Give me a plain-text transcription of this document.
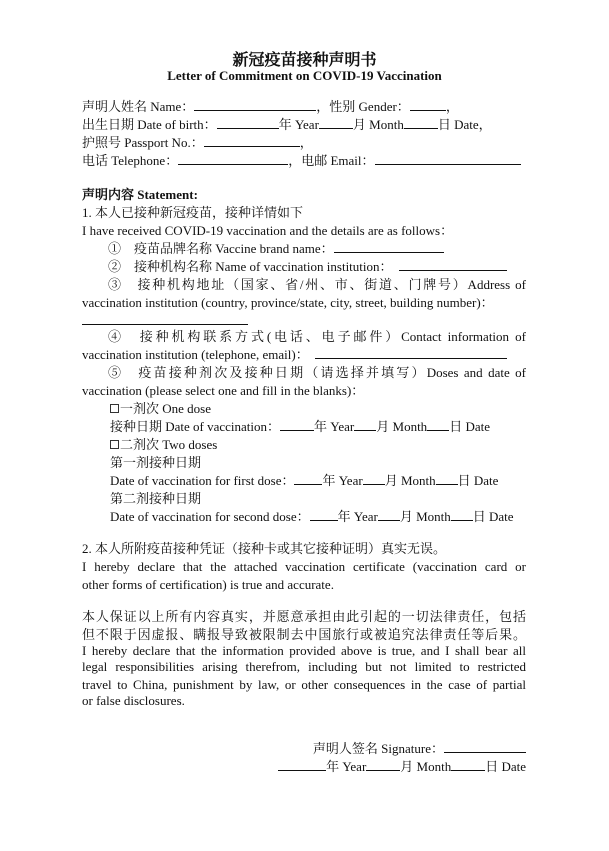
新冠疫苗接种声明书
Letter of Commitment on COVID-19 Vaccination
声明人姓名 Name：	，性别 Gender：	，
出生日期 Date of birth：	年 Year	月 Month	日 Date，
护照号 Passport No.：	，
电话 Telephone：	，电邮 Email：
声明内容 Statement:
1. 本人已接种新冠疫苗，接种详情如下
I have received COVID-19 vaccination and the details are as follows：
①　疫苗品牌名称 Vaccine brand name：
②　接种机构名称 Name of vaccination institution：
③　接种机构地址（国家、省/州、市、街道、门牌号）Address of
vaccination institution (country, province/state, city, street, building number)：
④　接种机构联系方式(电话、电子邮件）Contact information of
vaccination institution (telephone, email)：
⑤　疫苗接种剂次及接种日期（请选择并填写）Doses and date of
vaccination (please select one and fill in the blanks)：
一剂次 One dose
接种日期 Date of vaccination：	年 Year 月 Month 日 Date
二剂次 Two doses
第一剂接种日期
Date of vaccination for first dose： 年 Year 月 Month 日 Date
第二剂接种日期
Date of vaccination for second dose： 年 Year 月 Month 日 Date
2. 本人所附疫苗接种凭证（接种卡或其它接种证明）真实无误。
I hereby declare that the attached vaccination certificate (vaccination card or
other forms of certification) is true and accurate.
本人保证以上所有内容真实，并愿意承担由此引起的一切法律责任，包括
但不限于因虚报、瞒报导致被限制去中国旅行或被追究法律责任等后果。
I hereby declare that the information provided above is true, and I shall bear all
legal responsibilities arising therefrom, including but not limited to restricted
travel to China, punishment by law, or other consequences in the case of partial
or false disclosures.
声明人签名 Signature：
年 Year	月 Month	日 Date
